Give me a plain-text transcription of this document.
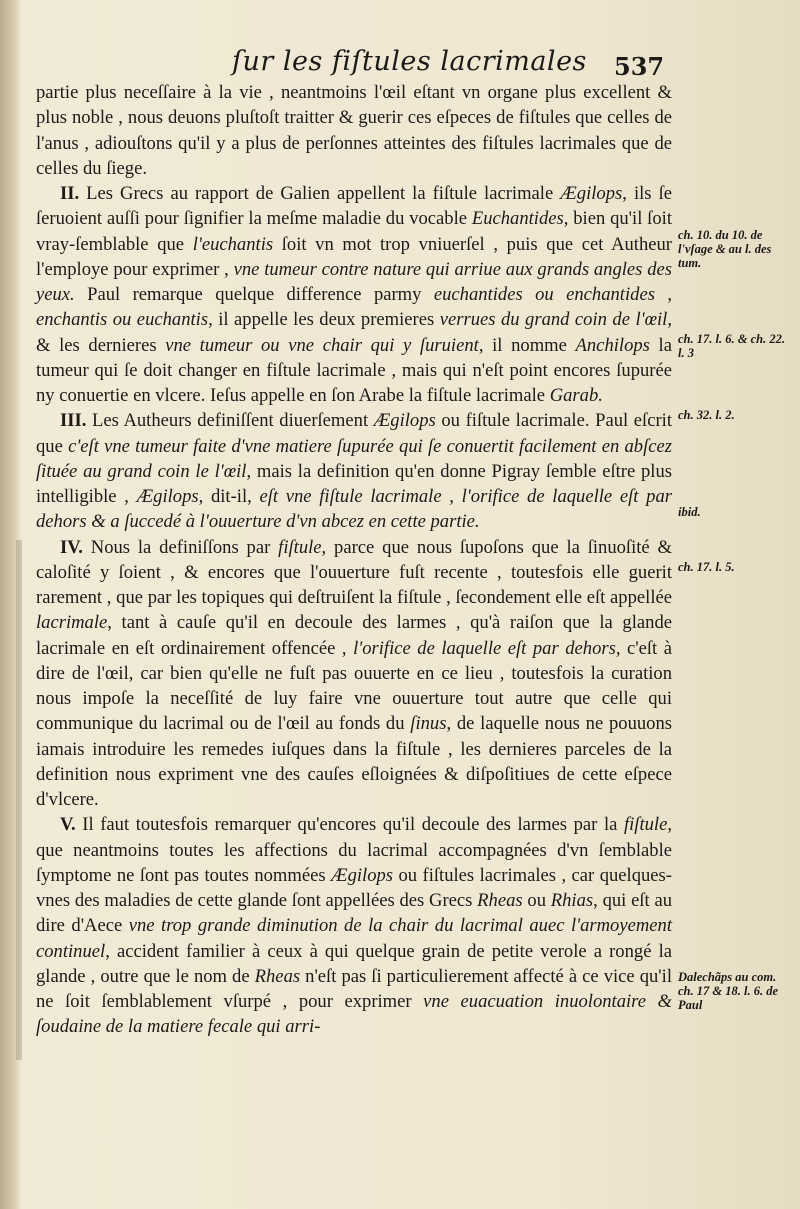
ſur les fiſtules lacrimales 537

partie plus neceſſaire à la vie , neantmoins l'œil eſtant vn organe plus excellent & plus noble , nous deuons pluſtoſt traitter & guerir ces eſpeces de fiſtules que celles de l'anus , adiouſtons qu'il y a plus de perſonnes atteintes des fiſtules lacrimales que de celles du ſiege.

II. Les Grecs au rapport de Galien appellent la fiſtule lacrimale Ægilops, ils ſe ſeruoient auſſi pour ſignifier la meſme maladie du vocable Euchantides, bien qu'il ſoit vray-ſemblable que l'euchantis ſoit vn mot trop vniuerſel , puis que cet Autheur l'employe pour exprimer , vne tumeur contre nature qui arriue aux grands angles des yeux. Paul remarque quelque difference parmy euchantides ou enchantides , enchantis ou euchantis, il appelle les deux premieres verrues du grand coin de l'œil, & les dernieres vne tumeur ou vne chair qui y ſuruient, il nomme Anchilops la tumeur qui ſe doit changer en fiſtule lacrimale , mais qui n'eſt point encores ſupurée ny conuertie en vlcere. Ieſus appelle en ſon Arabe la fiſtule lacrimale Garab.

III. Les Autheurs definiſſent diuerſement Ægilops ou fiſtule lacrimale. Paul eſcrit que c'eſt vne tumeur faite d'vne matiere ſupurée qui ſe conuertit facilement en abſcez ſituée au grand coin le l'œil, mais la definition qu'en donne Pigray ſemble eſtre plus intelligible , Ægilops, dit-il, eſt vne fiſtule lacrimale , l'orifice de laquelle eſt par dehors & a ſuccedé à l'ouuerture d'vn abcez en cette partie.

IV. Nous la definiſſons par fiſtule, parce que nous ſupoſons que la ſinuoſité & caloſité y ſoient , & encores que l'ouuerture fuſt recente , toutesfois elle guerit rarement , que par les topiques qui deſtruiſent la fiſtule , ſecondement elle eſt appellée lacrimale, tant à cauſe qu'il en decoule des larmes , qu'à raiſon que la glande lacrimale en eſt ordinairement offencée , l'orifice de laquelle eſt par dehors, c'eſt à dire de l'œil, car bien qu'elle ne fuſt pas ouuerte en ce lieu , toutesfois la curation nous impoſe la neceſſité de luy faire vne ouuerture tout autre que celle qui communique du lacrimal ou de l'œil au fonds du ſinus, de laquelle nous ne pouuons iamais introduire les remedes iuſques dans la fiſtule , les dernieres parceles de la definition nous expriment vne des cauſes eſloignées & diſpoſitiues de cette eſpece d'vlcere.

V. Il faut toutesfois remarquer qu'encores qu'il decoule des larmes par la fiſtule, que neantmoins toutes les affections du lacrimal accompagnées d'vn ſemblable ſymptome ne ſont pas toutes nommées Ægilops ou fiſtules lacrimales , car quelques-vnes des maladies de cette glande ſont appellées des Grecs Rheas ou Rhias, qui eſt au dire d'Aece vne trop grande diminution de la chair du lacrimal auec l'armoyement continuel, accident familier à ceux à qui quelque grain de petite verole a rongé la glande , outre que le nom de Rheas n'eſt pas ſi particulierement affecté à ce vice qu'il ne ſoit ſemblablement vſurpé , pour exprimer vne euacuation inuolontaire & ſoudaine de la matiere fecale qui arri-

ch. 10. du 10. de l'vſage & au l. des tum.
ch. 17. l. 6. & ch. 22. l. 3
ch. 32. l. 2.
ibid.
ch. 17. l. 5.
Dalechãps au com. ch. 17 & 18. l. 6. de Paul
